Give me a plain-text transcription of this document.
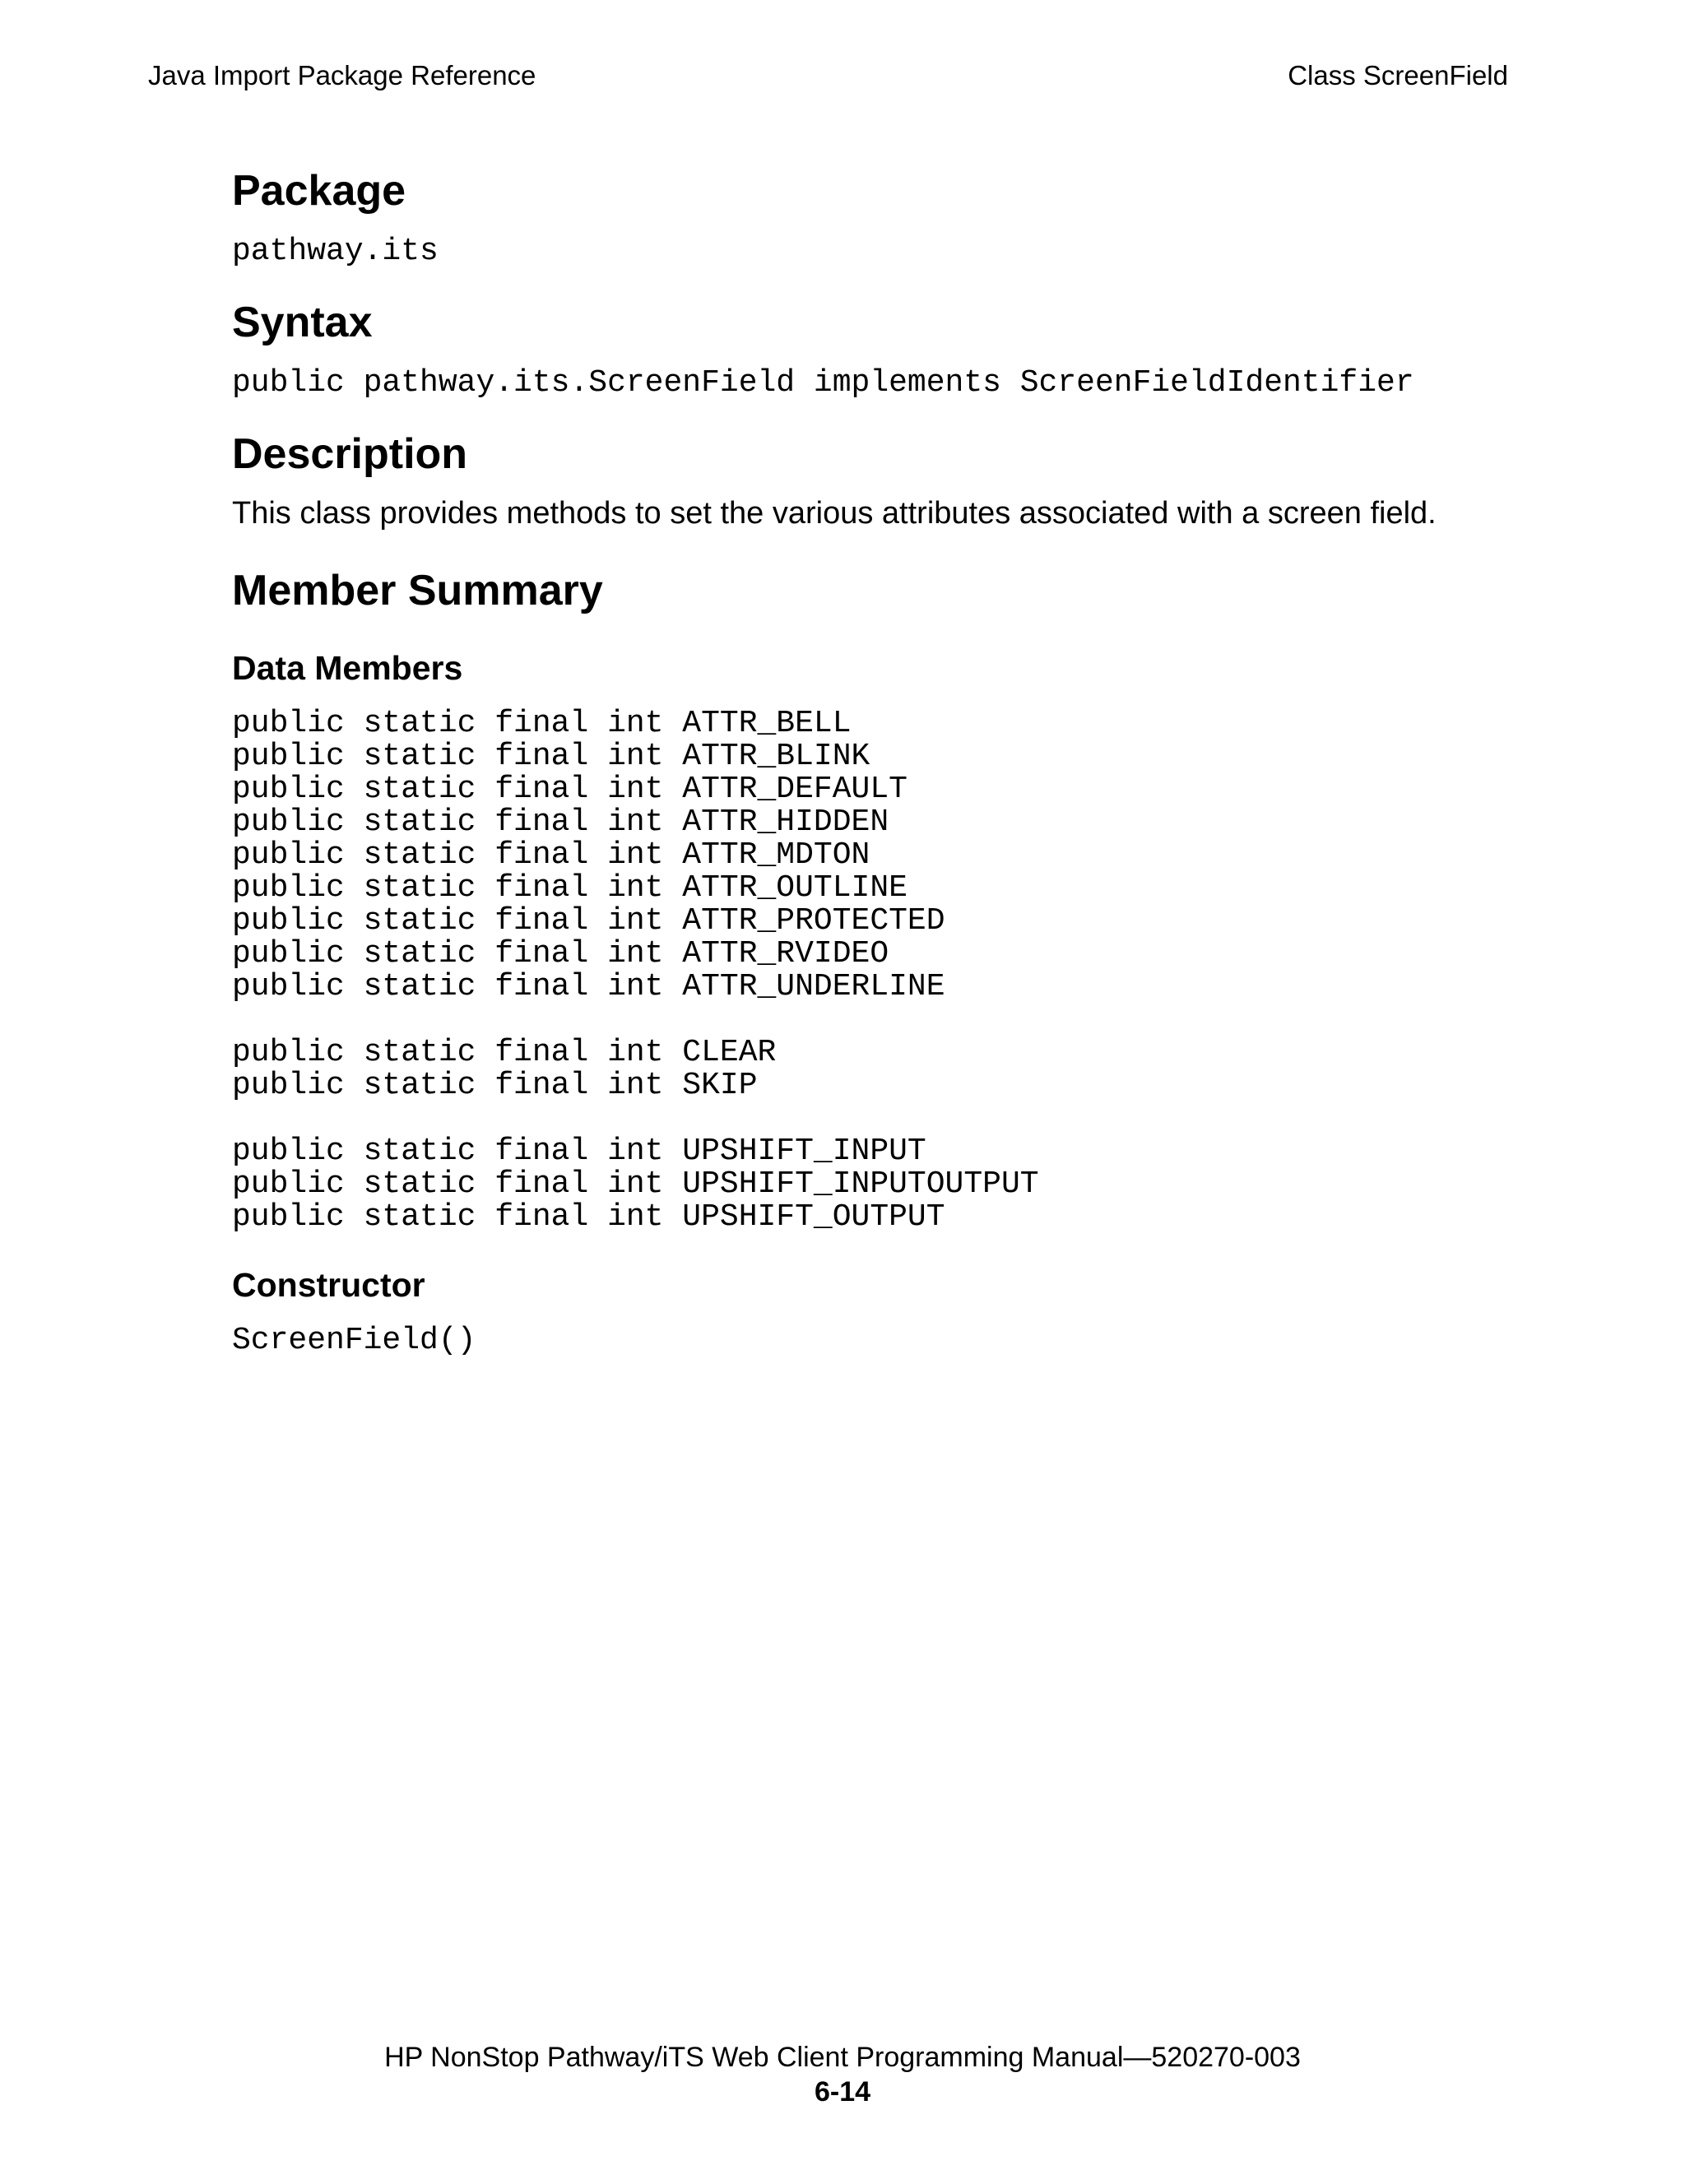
Java Import Package Reference	Class ScreenField
Package
pathway.its
Syntax
public pathway.its.ScreenField implements ScreenFieldIdentifier
Description
This class provides methods to set the various attributes associated with a screen field.
Member Summary
Data Members
public static final int ATTR_BELL
public static final int ATTR_BLINK
public static final int ATTR_DEFAULT
public static final int ATTR_HIDDEN
public static final int ATTR_MDTON
public static final int ATTR_OUTLINE
public static final int ATTR_PROTECTED
public static final int ATTR_RVIDEO
public static final int ATTR_UNDERLINE
public static final int CLEAR
public static final int SKIP
public static final int UPSHIFT_INPUT
public static final int UPSHIFT_INPUTOUTPUT
public static final int UPSHIFT_OUTPUT
Constructor
ScreenField()
HP NonStop Pathway/iTS Web Client Programming Manual—520270-003
6-14
